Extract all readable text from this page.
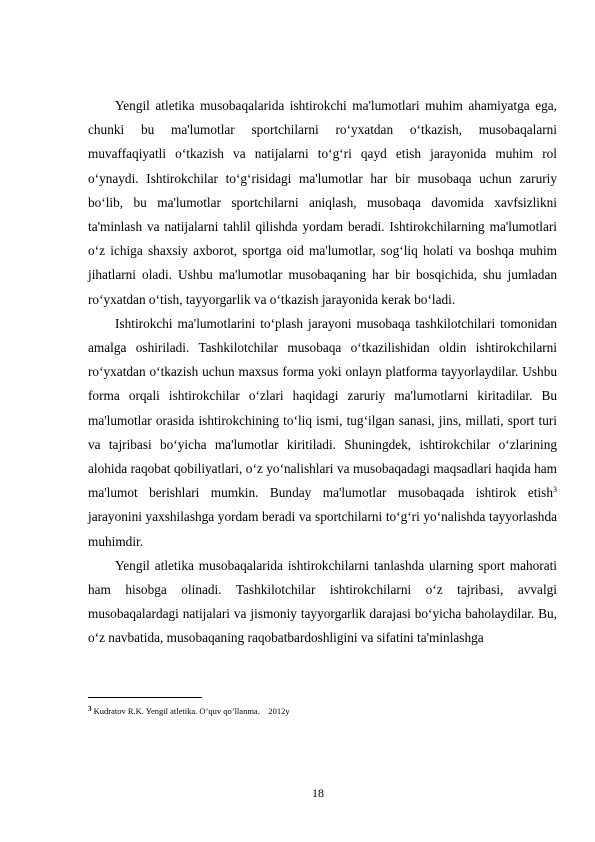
Yengil atletika musobaqalarida ishtirokchi ma'lumotlari muhim ahamiyatga ega, chunki bu ma'lumotlar sportchilarni ro‘yxatdan o‘tkazish, musobaqalarni muvaffaqiyatli o‘tkazish va natijalarni to‘g‘ri qayd etish jarayonida muhim rol o‘ynaydi. Ishtirokchilar to‘g‘risidagi ma'lumotlar har bir musobaqa uchun zaruriy bo‘lib, bu ma'lumotlar sportchilarni aniqlash, musobaqa davomida xavfsizlikni ta'minlash va natijalarni tahlil qilishda yordam beradi. Ishtirokchilarning ma'lumotlari o‘z ichiga shaxsiy axborot, sportga oid ma'lumotlar, sog‘liq holati va boshqa muhim jihatlarni oladi. Ushbu ma'lumotlar musobaqaning har bir bosqichida, shu jumladan ro‘yxatdan o‘tish, tayyorgarlik va o‘tkazish jarayonida kerak bo‘ladi.

Ishtirokchi ma'lumotlarini to‘plash jarayoni musobaqa tashkilotchilari tomonidan amalga oshiriladi. Tashkilotchilar musobaqa o‘tkazilishidan oldin ishtirokchilarni ro‘yxatdan o‘tkazish uchun maxsus forma yoki onlayn platforma tayyorlaydilar. Ushbu forma orqali ishtirokchilar o‘zlari haqidagi zaruriy ma'lumotlarni kiritadilar. Bu ma'lumotlar orasida ishtirokchining to‘liq ismi, tug‘ilgan sanasi, jins, millati, sport turi va tajribasi bo‘yicha ma'lumotlar kiritiladi. Shuningdek, ishtirokchilar o‘zlarining alohida raqobat qobiliyatlari, o‘z yo‘nalishlari va musobaqadagi maqsadlari haqida ham ma'lumot berishlari mumkin. Bunday ma'lumotlar musobaqada ishtirok etish$^3$ jarayonini yaxshilashga yordam beradi va sportchilarni to‘g‘ri yo‘nalishda tayyorlashda muhimdir.

Yengil atletika musobaqalarida ishtirokchilarni tanlashda ularning sport mahorati ham hisobga olinadi. Tashkilotchilar ishtirokchilarni o‘z tajribasi, avvalgi musobaqalardagi natijalari va jismoniy tayyorgarlik darajasi bo‘yicha baholaydilar. Bu, o‘z navbatida, musobaqaning raqobatbardoshligini va sifatini ta'minlashga

$^3$ Kudratov R.K. Yengil atletika. O’quv qo’llanma.    2012y
18
